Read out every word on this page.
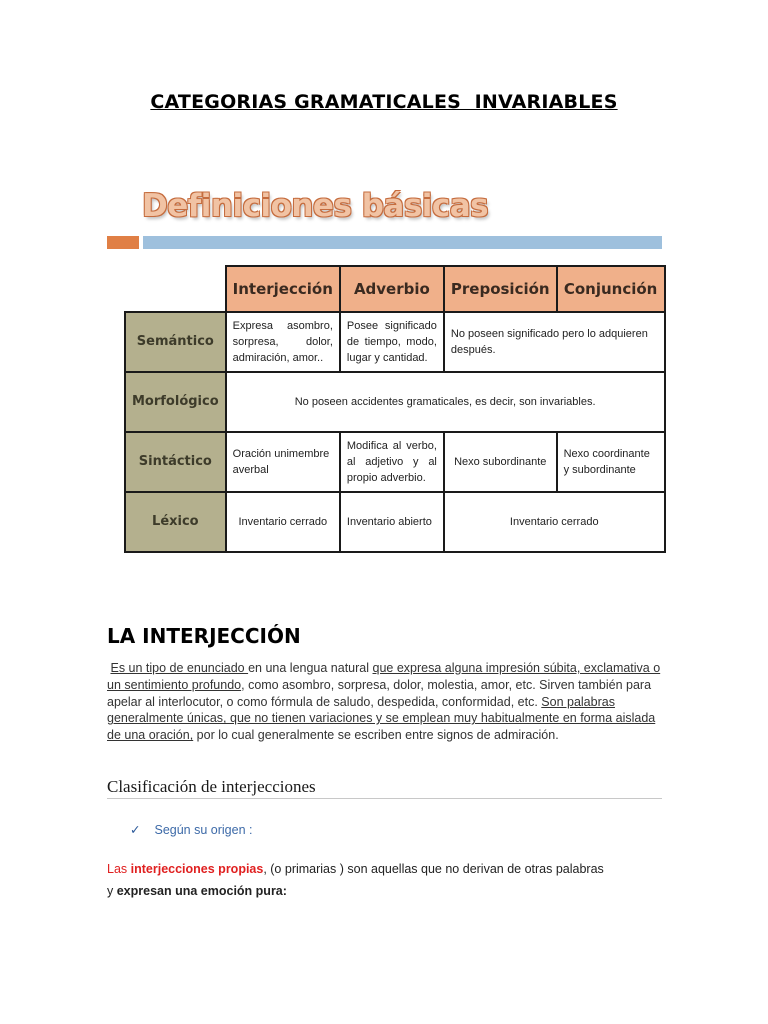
CATEGORIAS GRAMATICALES  INVARIABLES
Definiciones básicas
	Interjección	Adverbio	Preposición	Conjunción
Semántico	Expresa asombro, sorpresa, dolor, admiración, amor..	Posee significado de tiempo, modo, lugar y cantidad.	No poseen significado pero lo adquieren después.	
Morfológico	No poseen accidentes gramaticales, es decir, son invariables.			
Sintáctico	Oración unimembre averbal	Modifica al verbo, al adjetivo y al propio adverbio.	Nexo subordinante	Nexo coordinante y subordinante
Léxico	Inventario cerrado	Inventario abierto	Inventario cerrado	
LA INTERJECCIÓN
Es un tipo de enunciado en una lengua natural que expresa alguna impresión súbita, exclamativa o un sentimiento profundo, como asombro, sorpresa, dolor, molestia, amor, etc. Sirven también para apelar al interlocutor, o como fórmula de saludo, despedida, conformidad, etc. Son palabras generalmente únicas, que no tienen variaciones y se emplean muy habitualmente en forma aislada de una oración, por lo cual generalmente se escriben entre signos de admiración.
Clasificación de interjecciones
✓ Según su origen :
Las interjecciones propias, (o primarias ) son aquellas que no derivan de otras palabras
y expresan una emoción pura:
